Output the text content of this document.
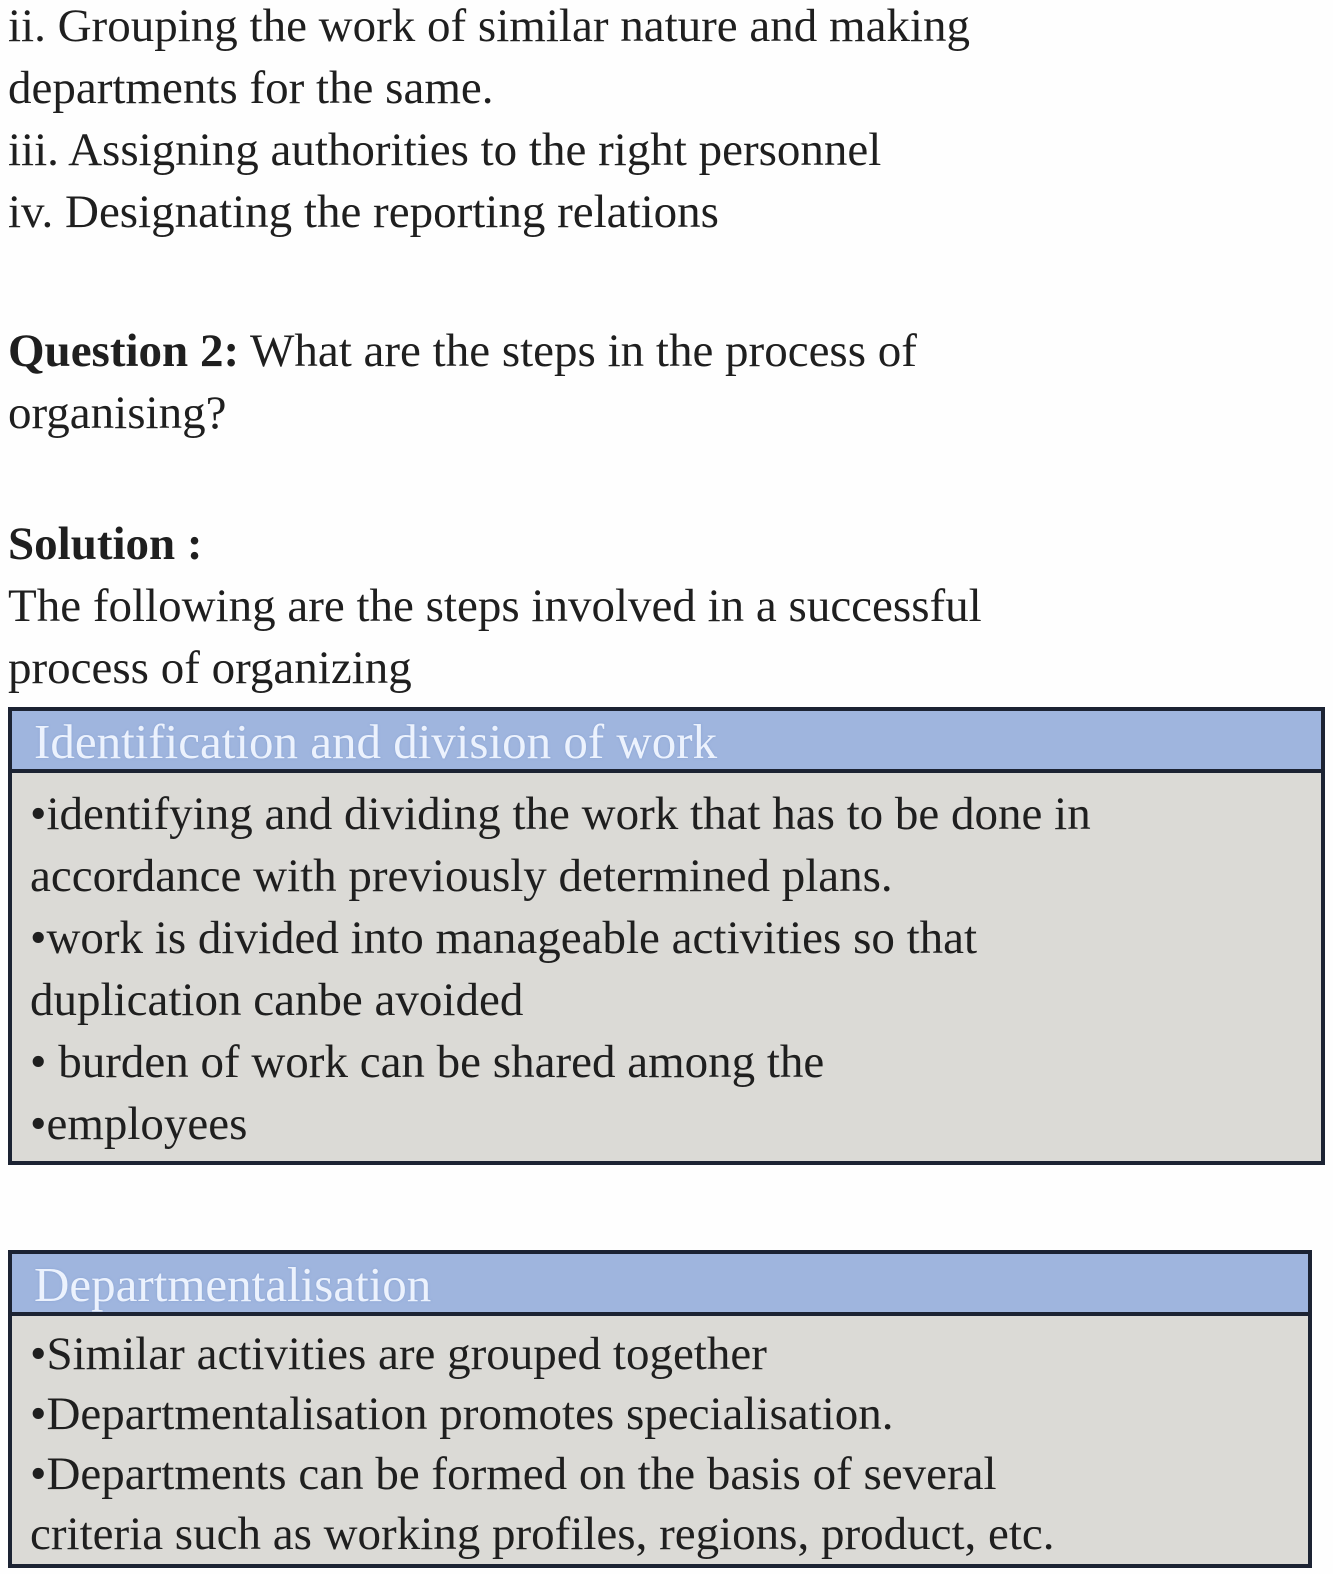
ii. Grouping the work of similar nature and making
departments for the same.
iii. Assigning authorities to the right personnel
iv. Designating the reporting relations
Question 2: What are the steps in the process of
organising?
Solution :
The following are the steps involved in a successful
process of organizing
Identification and division of work
•identifying and dividing the work that has to be done in
accordance with previously determined plans.
•work is divided into manageable activities so that
duplication canbe avoided
• burden of work can be shared among the
•employees
Departmentalisation
•Similar activities are grouped together
•Departmentalisation promotes specialisation.
•Departments can be formed on the basis of several
criteria such as working profiles, regions, product, etc.
